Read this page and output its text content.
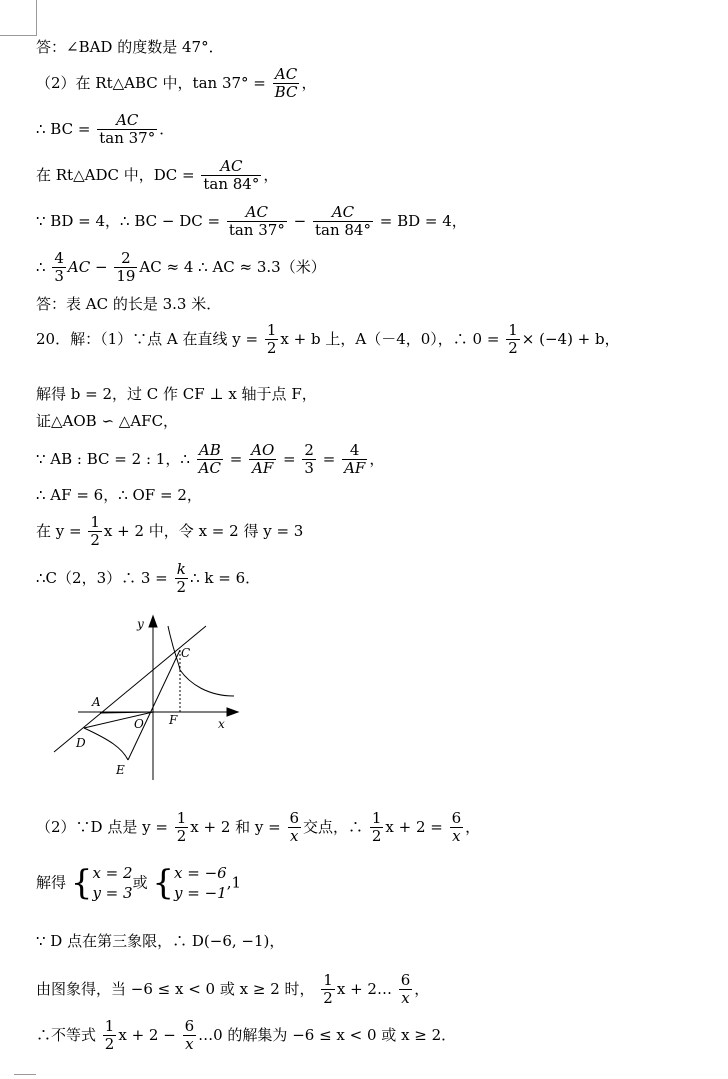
答：∠BAD 的度数是 47°．
（2）在 Rt△ABC 中，$\tan 37^\circ = \frac{AC}{BC}$ ，
∴ BC = $\frac{AC}{\tan 37^\circ}$ ．
在 Rt△ADC 中，DC = $\frac{AC}{\tan 84^\circ}$ ，
∵ BD = 4，∴ BC − DC = $\frac{AC}{\tan 37^\circ} - \frac{AC}{\tan 84^\circ}$ = BD = 4，
∴ $\frac{4}{3}$ AC − $\frac{2}{19}$ AC ≈ 4 ∴ AC ≈ 3.3（米）
答：表 AC 的长是 3.3 米．
20．解：（1）∵点 A 在直线 $y = \frac{1}{2}$ x + b 上，A（－4，0），∴ $0 = \frac{1}{2} \times (-4) + b$，
解得 b = 2，过 C 作 CF ⊥ x 轴于点 F，
证△AOB ∽ △AFC，
∵ AB : BC = 2 : 1，∴ $\frac{AB}{AC} = \frac{AO}{AF} = \frac{2}{3} = \frac{4}{AF}$ ，
∴ AF = 6，∴ OF = 2，
在 $y = \frac{1}{2}$ x + 2 中，令 x = 2 得 y = 3
∴C（2，3）∴ $3 = \frac{k}{2}$ ∴ k = 6．
y
x
A
O F
C
D
E
（2）∵D 点是 $y = \frac{1}{2}$ x + 2 和 $y = \frac{6}{x}$ 交点，∴ $\frac{1}{2}$ $x + 2 = \frac{6}{x}$ ，
解得 { x = 2
y = 3
或 { x = −6
y = −1
,1
∵ D 点在第三象限，∴ D(−6, −1)，
由图象得，当 −6 ≤ x < 0 或 x ≥ 2 时， $\frac{1}{2}$ x + 2… $\frac{6}{x}$ ，
∴不等式 $\frac{1}{2}$ $x + 2 - \frac{6}{x}$ …0 的解集为 −6 ≤ x < 0 或 x ≥ 2．
